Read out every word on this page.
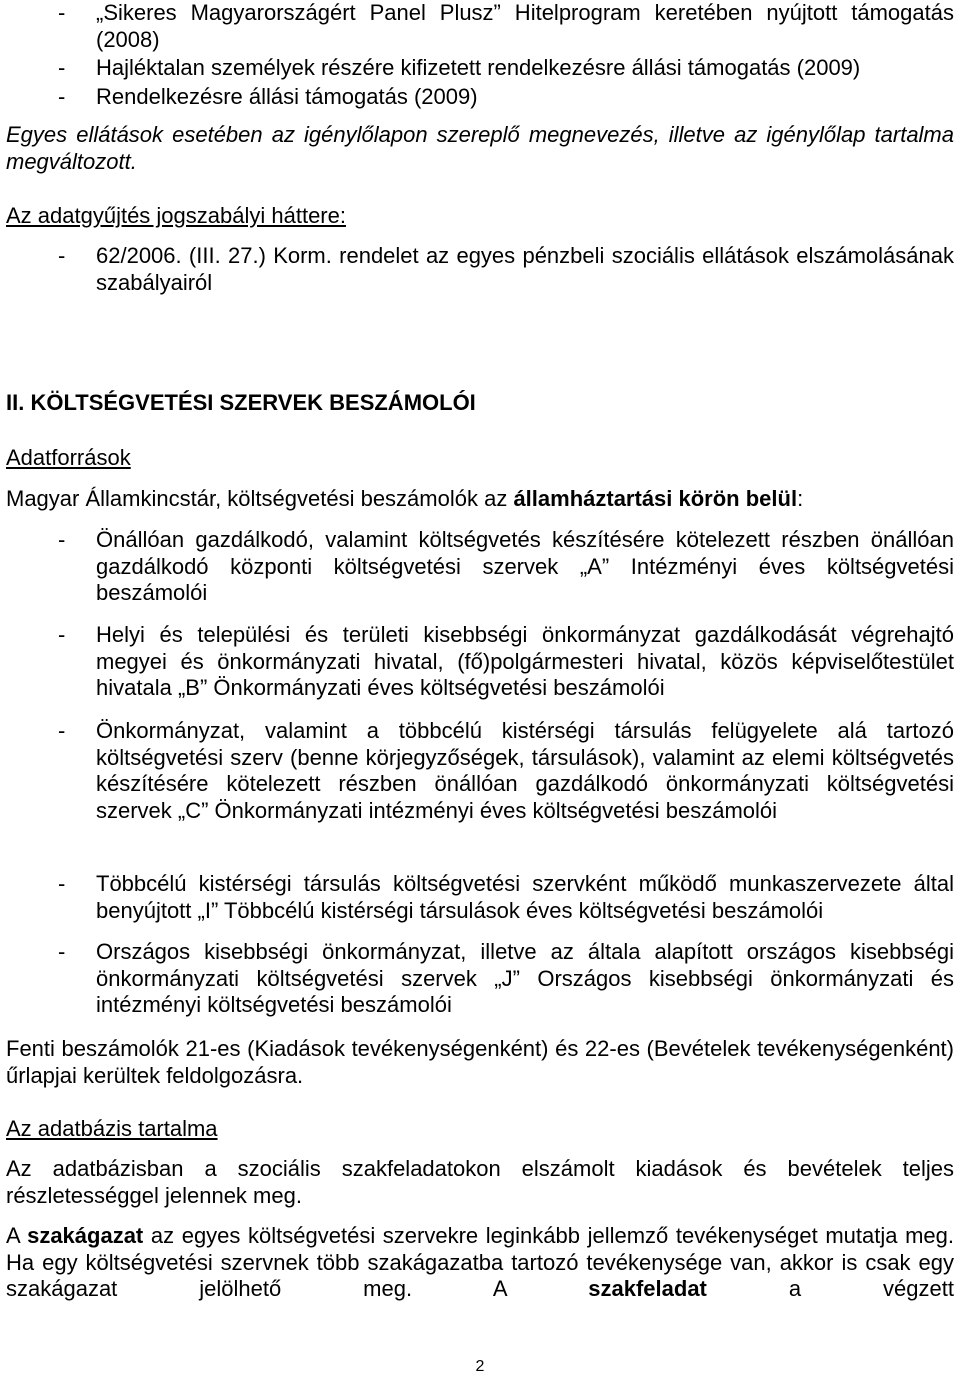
-	„Sikeres Magyarországért Panel Plusz” Hitelprogram keretében nyújtott támogatás (2008)
-	Hajléktalan személyek részére kifizetett rendelkezésre állási támogatás (2009)
-	Rendelkezésre állási támogatás (2009)

Egyes ellátások esetében az igénylőlapon szereplő megnevezés, illetve az igénylőlap tartalma megváltozott.

Az adatgyűjtés jogszabályi háttere:

-	62/2006. (III. 27.) Korm. rendelet az egyes pénzbeli szociális ellátások elszámolásának szabályairól

II. KÖLTSÉGVETÉSI SZERVEK BESZÁMOLÓI

Adatforrások

Magyar Államkincstár, költségvetési beszámolók az államháztartási körön belül:

-	Önállóan gazdálkodó, valamint költségvetés készítésére kötelezett részben önállóan gazdálkodó központi költségvetési szervek „A” Intézményi éves költségvetési beszámolói
-	Helyi és települési és területi kisebbségi önkormányzat gazdálkodását végrehajtó megyei és önkormányzati hivatal, (fő)polgármesteri hivatal, közös képviselőtestület hivatala „B” Önkormányzati éves költségvetési beszámolói
-	Önkormányzat, valamint a többcélú kistérségi társulás felügyelete alá tartozó költségvetési szerv (benne körjegyzőségek, társulások), valamint az elemi költségvetés készítésére kötelezett részben önállóan gazdálkodó önkormányzati költségvetési szervek „C” Önkormányzati intézményi éves költségvetési beszámolói
-	Többcélú kistérségi társulás költségvetési szervként működő munkaszervezete által benyújtott „I” Többcélú kistérségi társulások éves költségvetési beszámolói
-	Országos kisebbségi önkormányzat, illetve az általa alapított országos kisebbségi önkormányzati költségvetési szervek „J” Országos kisebbségi önkormányzati és intézményi költségvetési beszámolói

Fenti beszámolók 21-es (Kiadások tevékenységenként) és 22-es (Bevételek tevékenységenként) űrlapjai kerültek feldolgozásra.

Az adatbázis tartalma

Az adatbázisban a szociális szakfeladatokon elszámolt kiadások és bevételek teljes részletességgel jelennek meg.

A szakágazat az egyes költségvetési szervekre leginkább jellemző tevékenységet mutatja meg. Ha egy költségvetési szervnek több szakágazatba tartozó tevékenysége van, akkor is csak egy szakágazat jelölhető meg. A szakfeladat a végzett

2
